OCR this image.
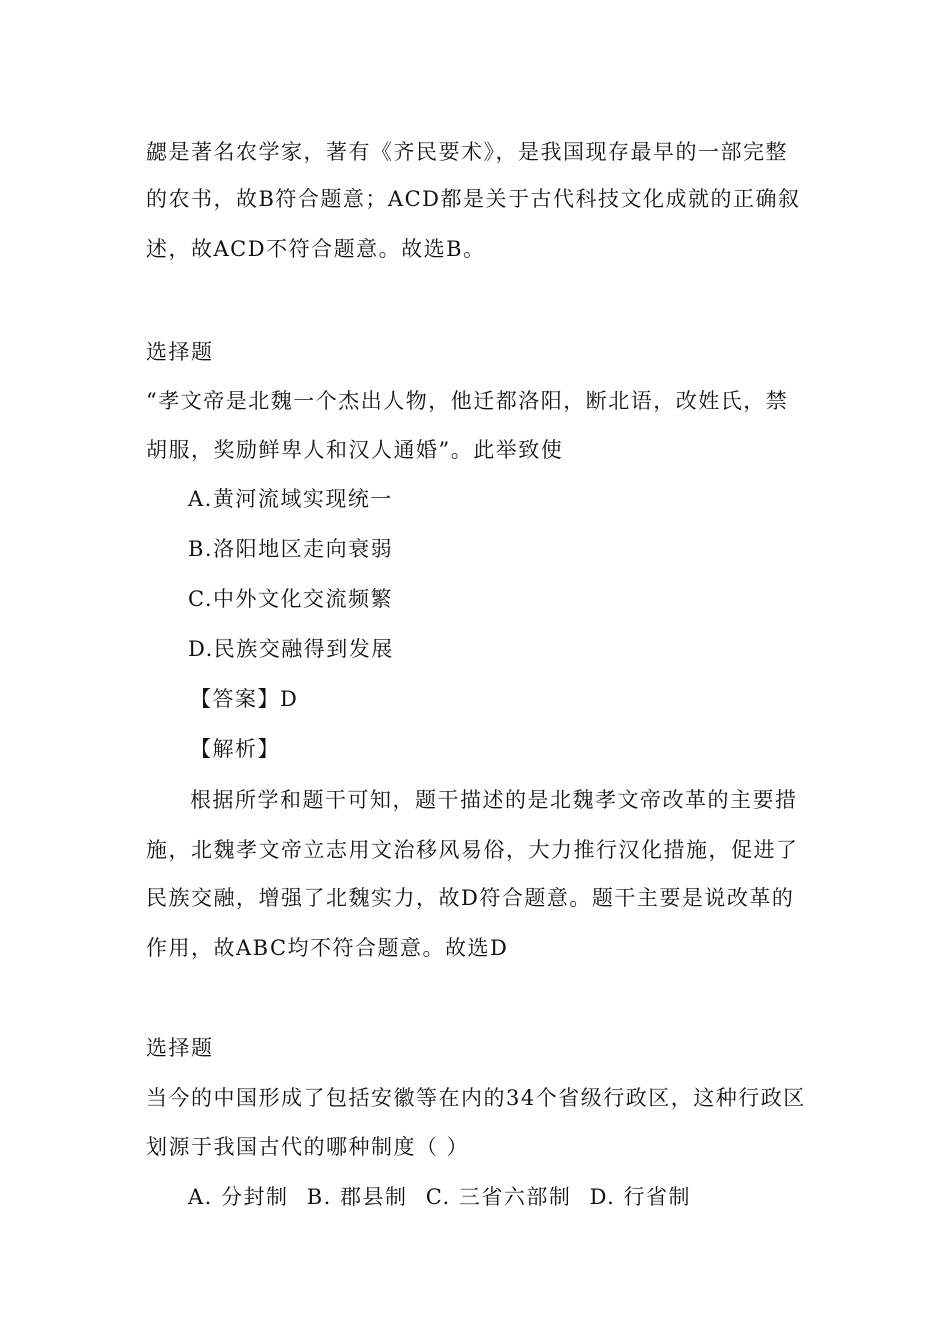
勰是著名农学家，著有《齐民要术》，是我国现存最早的一部完整
的农书，故B符合题意；ACD都是关于古代科技文化成就的正确叙
述，故ACD不符合题意。故选B。
选择题
“孝文帝是北魏一个杰出人物，他迁都洛阳，断北语，改姓氏，禁
胡服，奖励鲜卑人和汉人通婚”。此举致使
A.黄河流域实现统一
B.洛阳地区走向衰弱
C.中外文化交流频繁
D.民族交融得到发展
【答案】D
【解析】
根据所学和题干可知，题干描述的是北魏孝文帝改革的主要措
施，北魏孝文帝立志用文治移风易俗，大力推行汉化措施，促进了
民族交融，增强了北魏实力，故D符合题意。题干主要是说改革的
作用，故ABC均不符合题意。故选D
选择题
当今的中国形成了包括安徽等在内的34个省级行政区，这种行政区
划源于我国古代的哪种制度（ ）
A. 分封制 B. 郡县制 C. 三省六部制 D. 行省制
